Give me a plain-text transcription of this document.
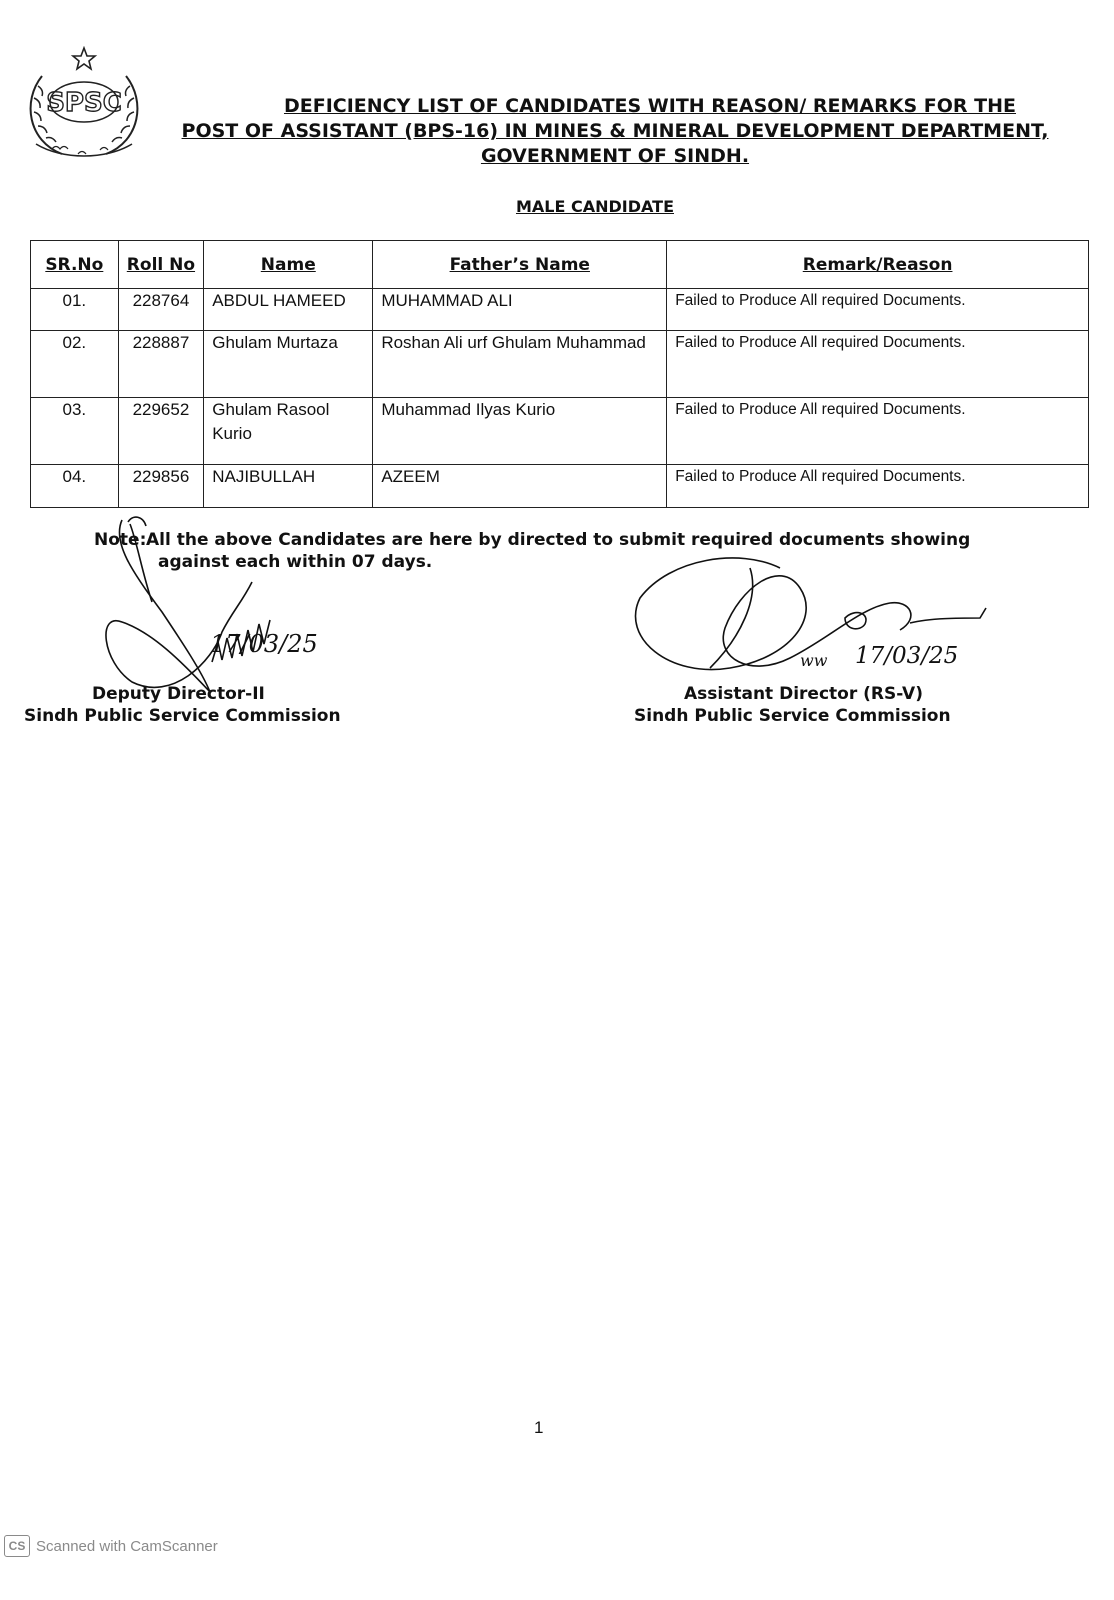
SPSC	DEFICIENCY LIST OF CANDIDATES WITH REASON/ REMARKS FOR THE
POST OF ASSISTANT (BPS-16) IN MINES & MINERAL DEVELOPMENT DEPARTMENT,
GOVERNMENT OF SINDH.
MALE CANDIDATE
SR.No	Roll No	Name	Father’s Name	Remark/Reason
01.	228764	ABDUL HAMEED	MUHAMMAD ALI	Failed to Produce All required Documents.
02.	228887	Ghulam Murtaza	Roshan Ali urf Ghulam Muhammad	Failed to Produce All required Documents.
03.	229652	Ghulam Rasool Kurio	Muhammad Ilyas Kurio	Failed to Produce All required Documents.
04.	229856	NAJIBULLAH	AZEEM	Failed to Produce All required Documents.
Note:All the above Candidates are here by directed to submit required documents showing
against each within 07 days.
17/03/25
Deputy Director-II
Sindh Public Service Commission
ww 17/03/25
Assistant Director (RS-V)
Sindh Public Service Commission
1
CS Scanned with CamScanner
